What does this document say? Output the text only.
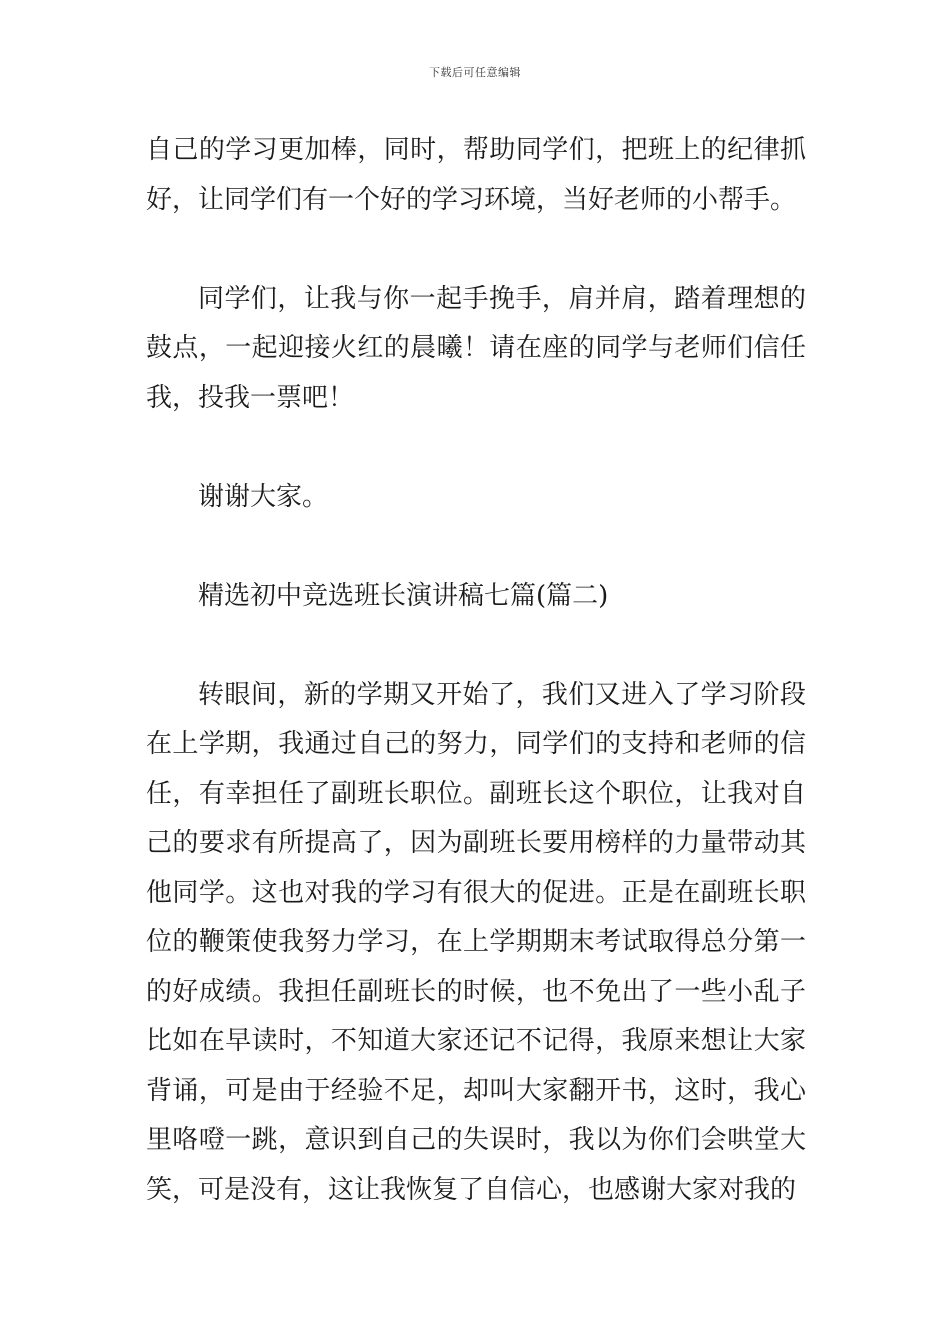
下载后可任意编辑

自己的学习更加棒，同时，帮助同学们，把班上的纪律抓好，让同学们有一个好的学习环境，当好老师的小帮手。

同学们，让我与你一起手挽手，肩并肩，踏着理想的鼓点，一起迎接火红的晨曦！请在座的同学与老师们信任我，投我一票吧！

谢谢大家。

精选初中竞选班长演讲稿七篇(篇二)

转眼间，新的学期又开始了，我们又进入了学习阶段在上学期，我通过自己的努力，同学们的支持和老师的信任，有幸担任了副班长职位。副班长这个职位，让我对自己的要求有所提高了，因为副班长要用榜样的力量带动其他同学。这也对我的学习有很大的促进。正是在副班长职位的鞭策使我努力学习，在上学期期末考试取得总分第一的好成绩。我担任副班长的时候，也不免出了一些小乱子比如在早读时，不知道大家还记不记得，我原来想让大家背诵，可是由于经验不足，却叫大家翻开书，这时，我心里咯噔一跳，意识到自己的失误时，我以为你们会哄堂大笑，可是没有，这让我恢复了自信心，也感谢大家对我的
